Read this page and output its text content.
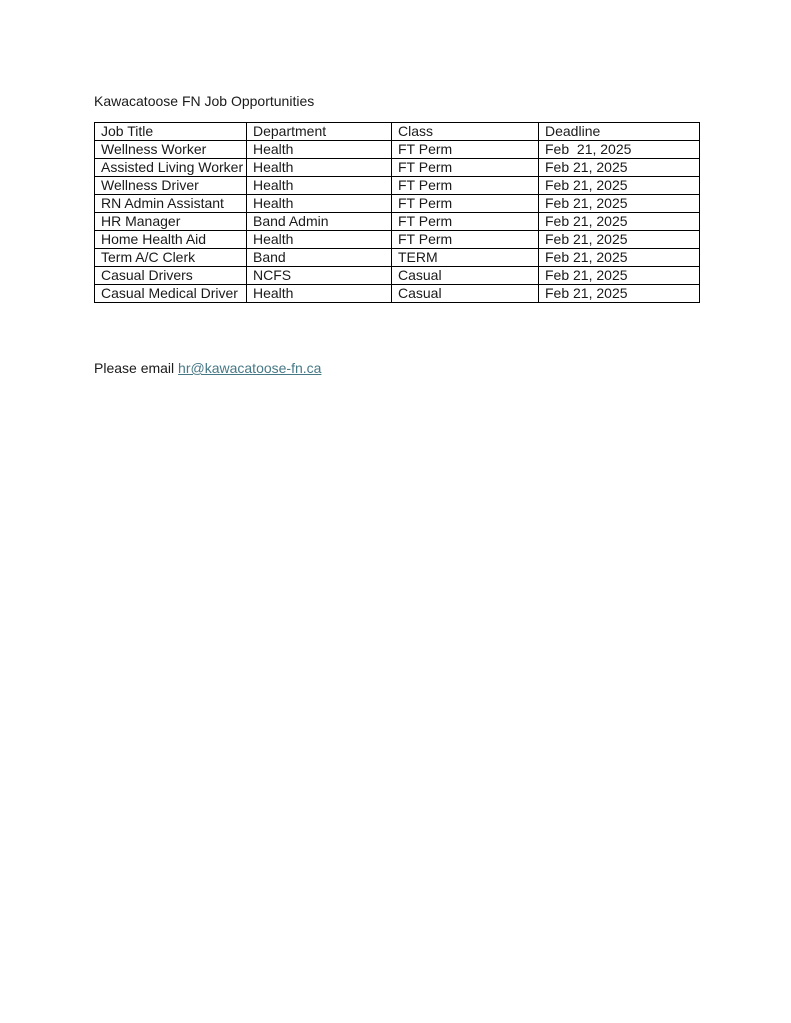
Kawacatoose FN Job Opportunities
Job Title	Department	Class	Deadline
Wellness Worker	Health	FT Perm	Feb  21, 2025
Assisted Living Worker	Health	FT Perm	Feb 21, 2025
Wellness Driver	Health	FT Perm	Feb 21, 2025
RN Admin Assistant	Health	FT Perm	Feb 21, 2025
HR Manager	Band Admin	FT Perm	Feb 21, 2025
Home Health Aid	Health	FT Perm	Feb 21, 2025
Term A/C Clerk	Band	TERM	Feb 21, 2025
Casual Drivers	NCFS	Casual	Feb 21, 2025
Casual Medical Driver	Health	Casual	Feb 21, 2025

Please email hr@kawacatoose-fn.ca
